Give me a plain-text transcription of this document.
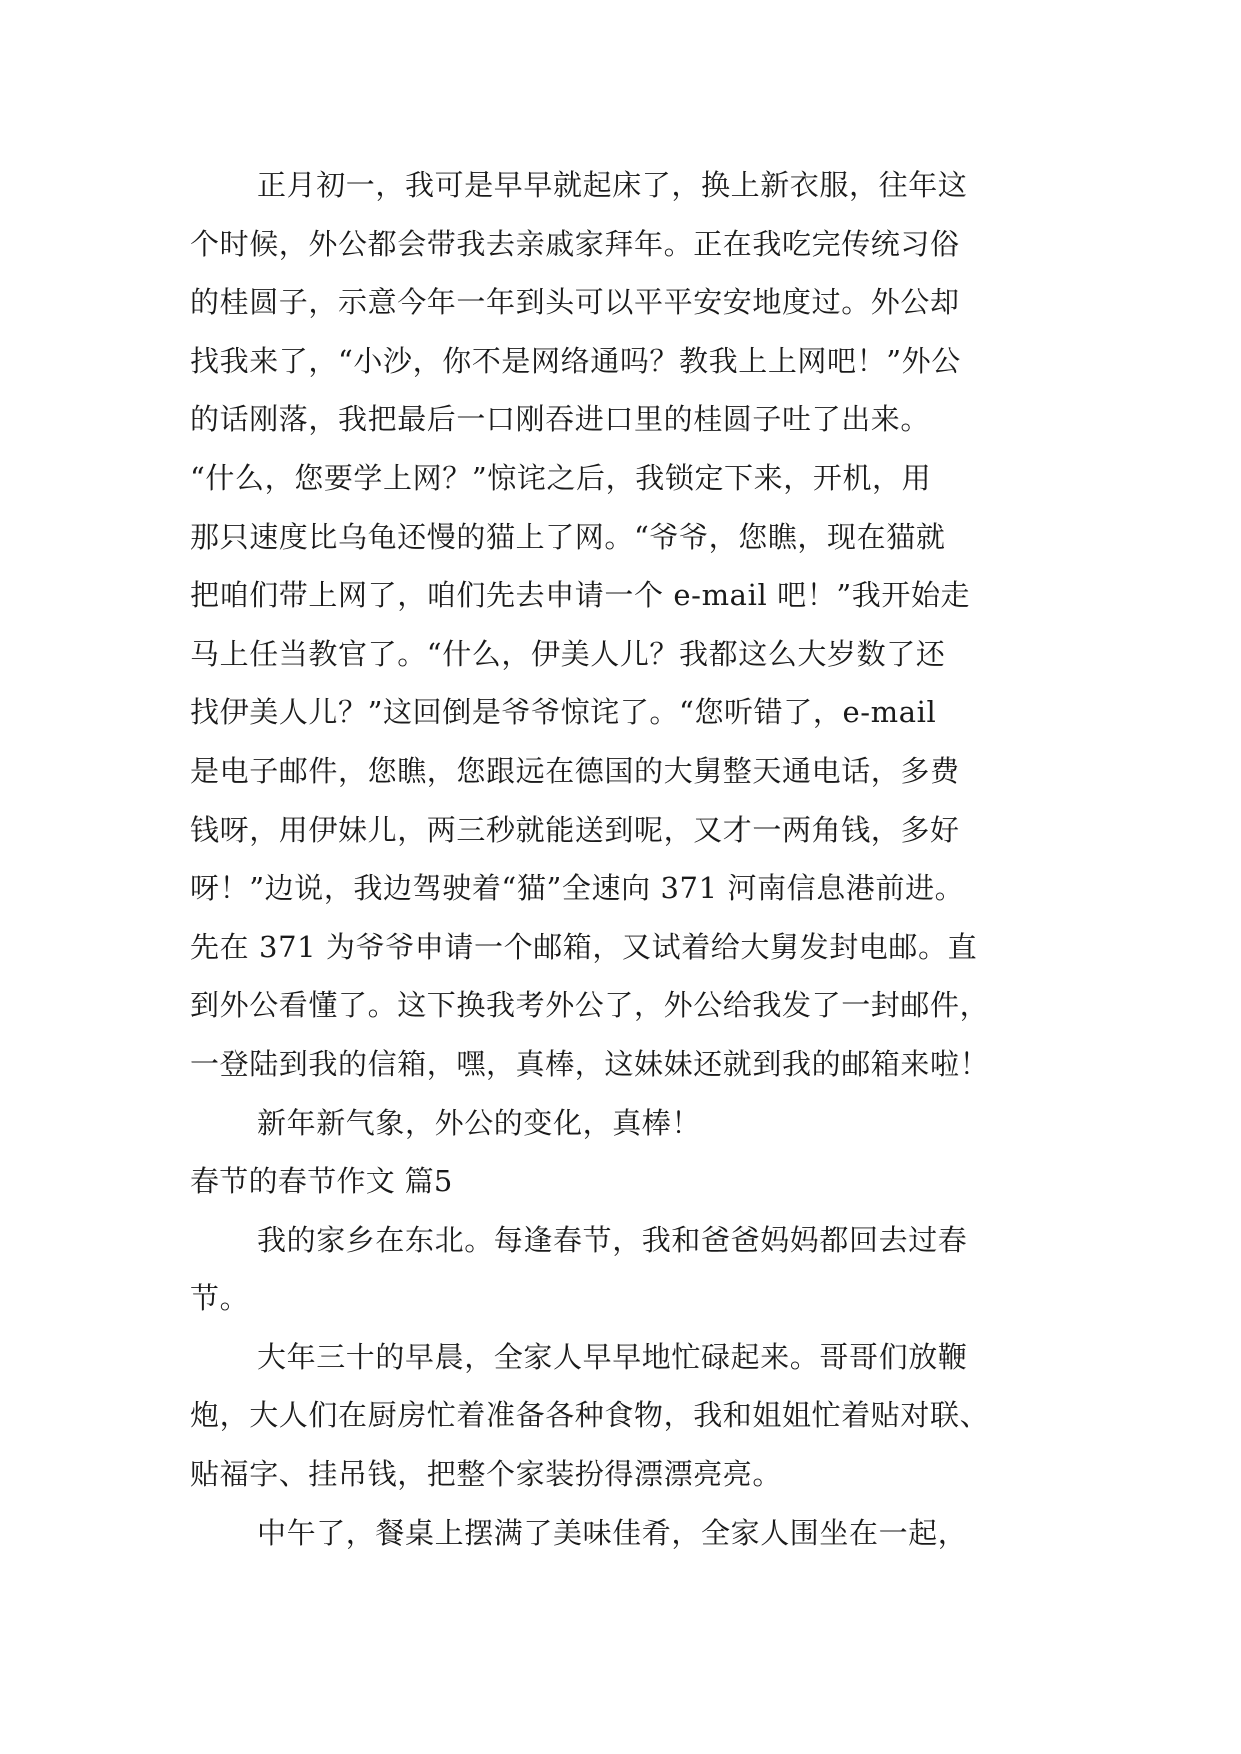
正月初一，我可是早早就起床了，换上新衣服，往年这
个时候，外公都会带我去亲戚家拜年。正在我吃完传统习俗
的桂圆子，示意今年一年到头可以平平安安地度过。外公却
找我来了，“小沙，你不是网络通吗？教我上上网吧！”外公
的话刚落，我把最后一口刚吞进口里的桂圆子吐了出来。
“什么，您要学上网？”惊诧之后，我锁定下来，开机，用
那只速度比乌龟还慢的猫上了网。“爷爷，您瞧，现在猫就
把咱们带上网了，咱们先去申请一个 e-mail 吧！”我开始走
马上任当教官了。“什么，伊美人儿？我都这么大岁数了还
找伊美人儿？”这回倒是爷爷惊诧了。“您听错了，e-mail
是电子邮件，您瞧，您跟远在德国的大舅整天通电话，多费
钱呀，用伊妹儿，两三秒就能送到呢，又才一两角钱，多好
呀！”边说，我边驾驶着“猫”全速向 371 河南信息港前进。
先在 371 为爷爷申请一个邮箱，又试着给大舅发封电邮。直
到外公看懂了。这下换我考外公了，外公给我发了一封邮件，
一登陆到我的信箱，嘿，真棒，这妹妹还就到我的邮箱来啦！
新年新气象，外公的变化，真棒！
春节的春节作文 篇5
我的家乡在东北。每逢春节，我和爸爸妈妈都回去过春
节。
大年三十的早晨，全家人早早地忙碌起来。哥哥们放鞭
炮，大人们在厨房忙着准备各种食物，我和姐姐忙着贴对联、
贴福字、挂吊钱，把整个家装扮得漂漂亮亮。
中午了，餐桌上摆满了美味佳肴，全家人围坐在一起，
